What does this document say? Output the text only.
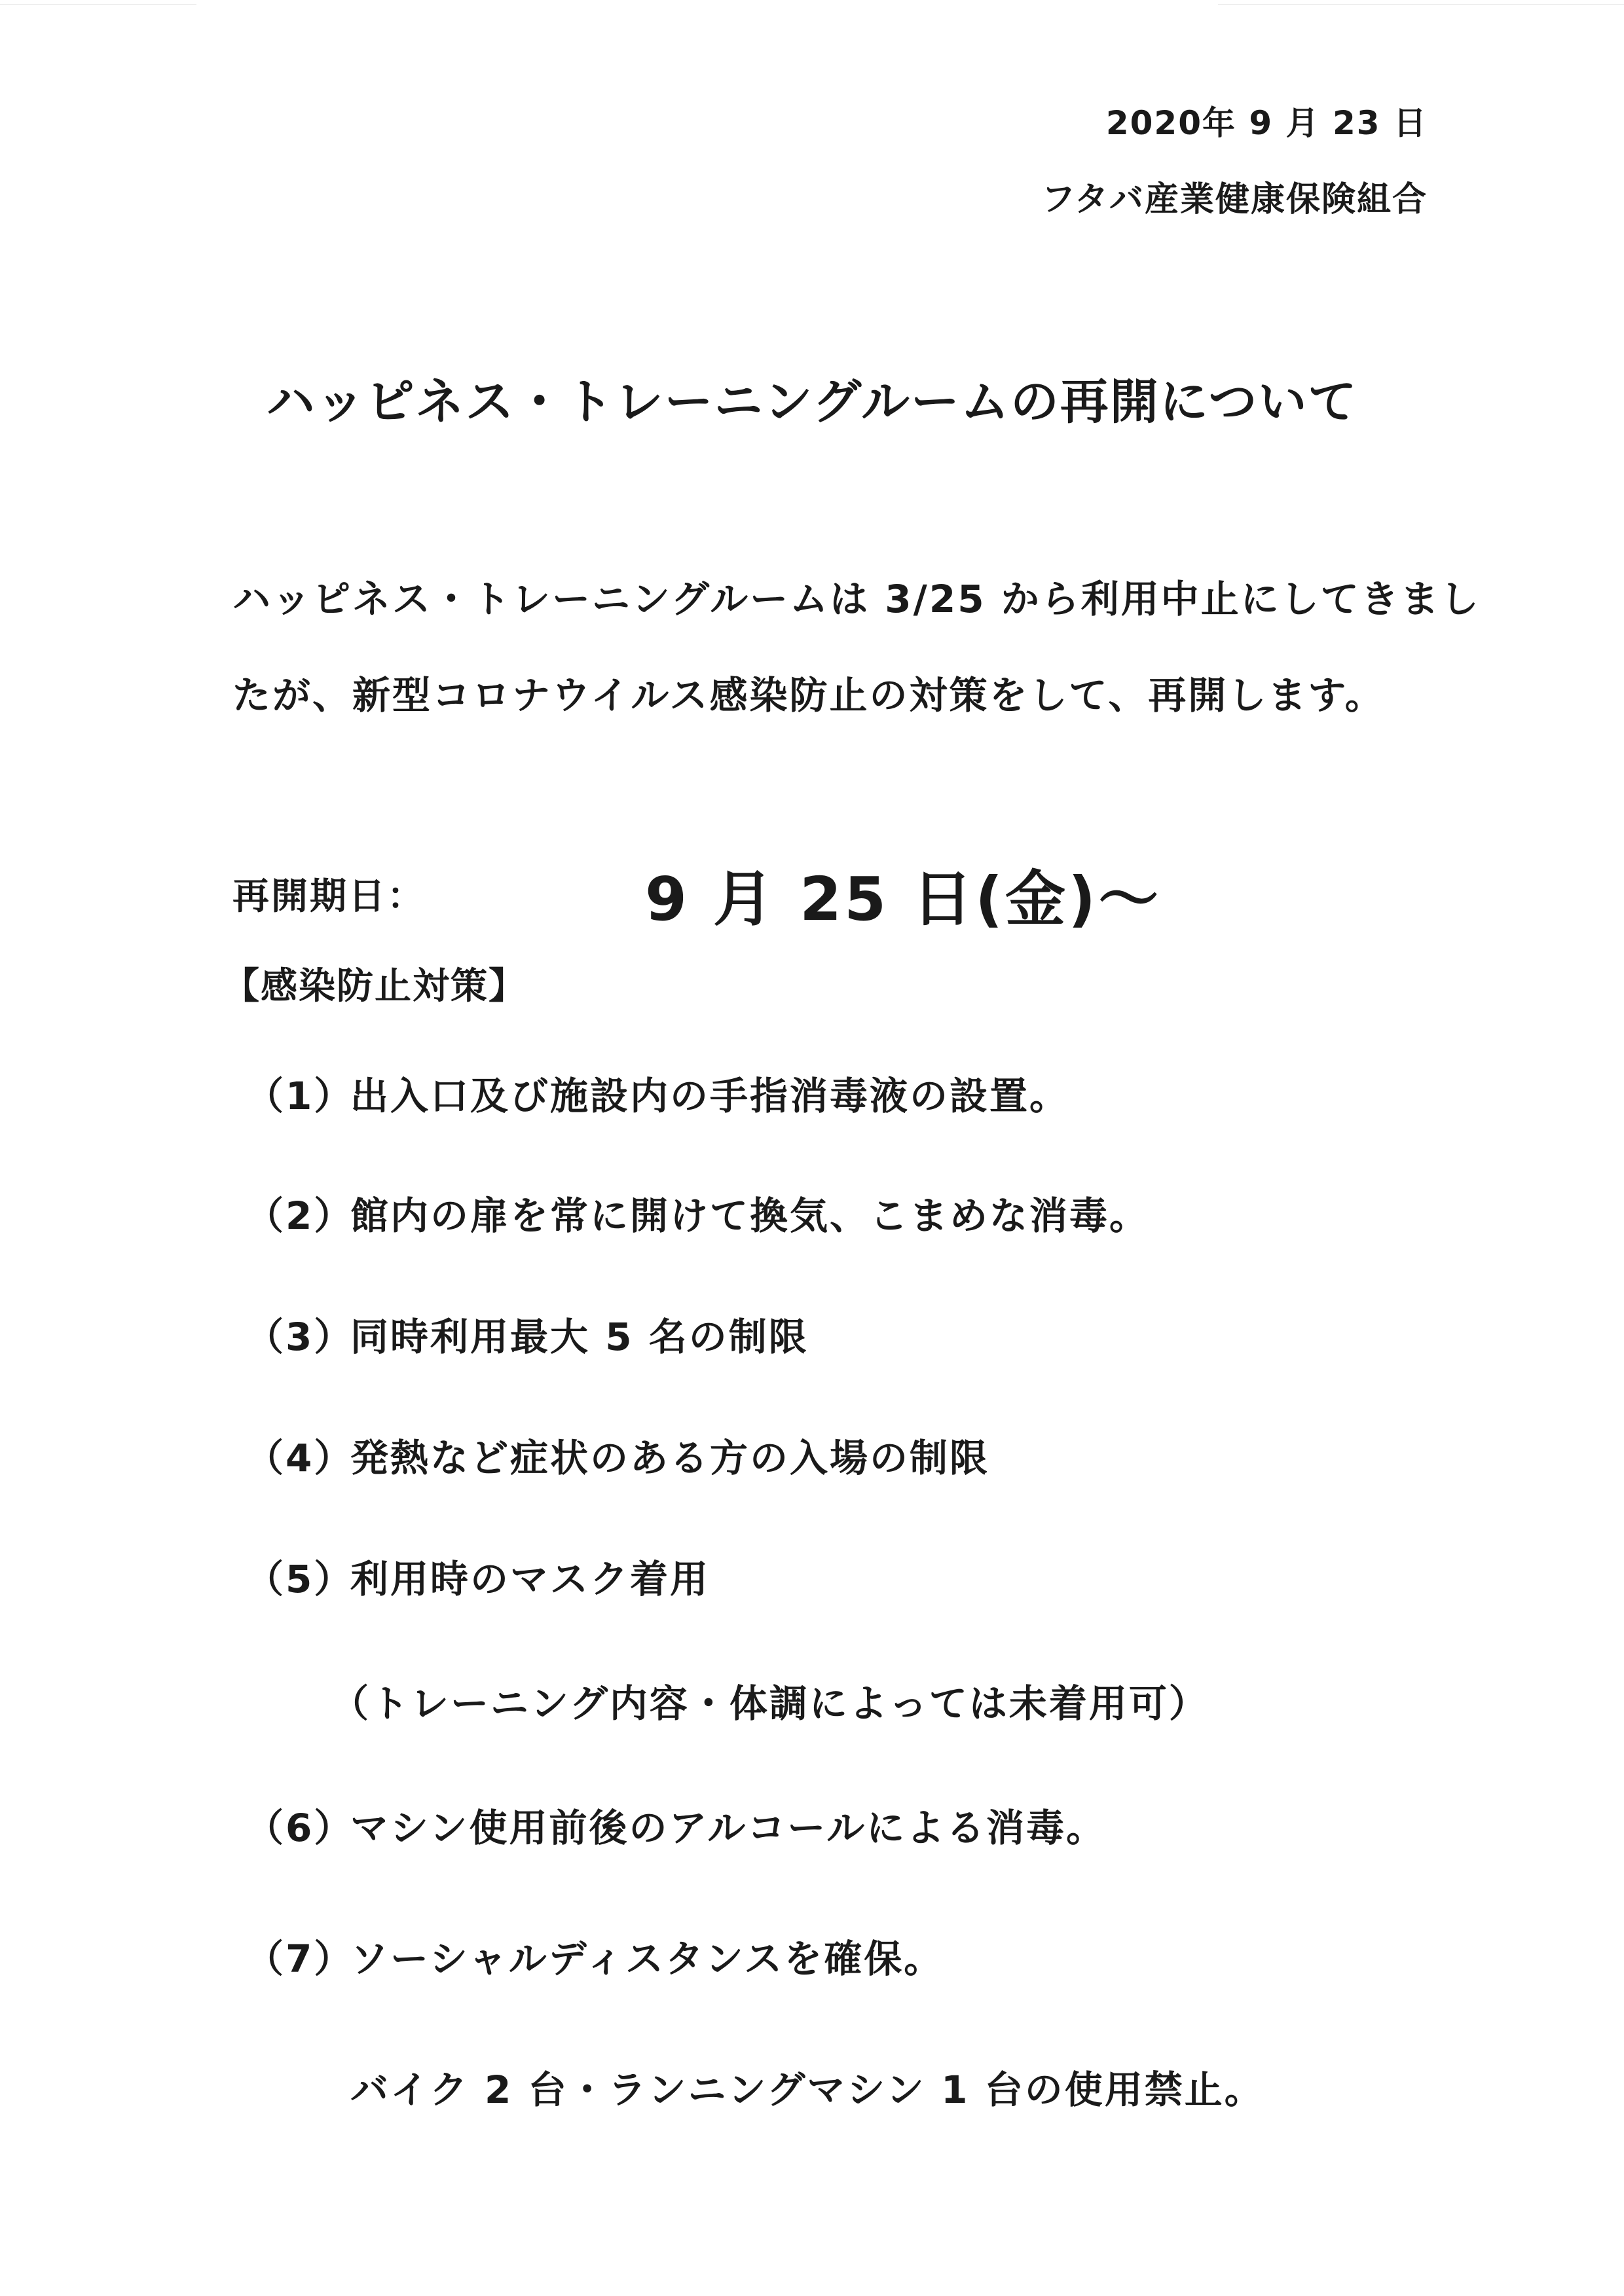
2020年 9 月 23 日
フタバ産業健康保険組合
ハッピネス・トレーニングルームの再開について
ハッピネス・トレーニングルームは 3/25 から利用中止にしてきまし
たが、新型コロナウイルス感染防止の対策をして、再開します。
再開期日：	9 月 25 日(金)～
【感染防止対策】
（1）出入口及び施設内の手指消毒液の設置。
（2）館内の扉を常に開けて換気、こまめな消毒。
（3）同時利用最大 5 名の制限
（4）発熱など症状のある方の入場の制限
（5）利用時のマスク着用
（トレーニング内容・体調によっては未着用可）
（6）マシン使用前後のアルコールによる消毒。
（7）ソーシャルディスタンスを確保。
バイク 2 台・ランニングマシン 1 台の使用禁止。
